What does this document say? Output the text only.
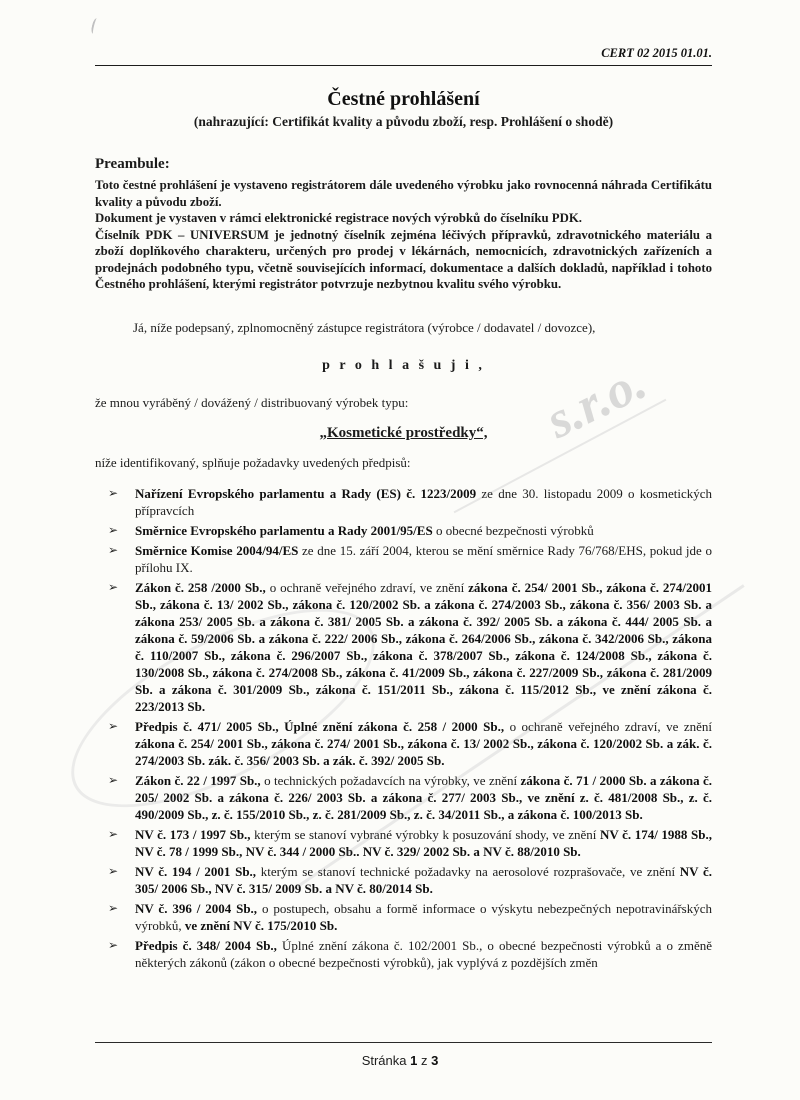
CERT 02 2015 01.01.
Čestné prohlášení
(nahrazující: Certifikát kvality a původu zboží, resp. Prohlášení o shodě)
Preambule:

Toto čestné prohlášení je vystaveno registrátorem dále uvedeného výrobku jako rovnocenná náhrada Certifikátu kvality a původu zboží.

Dokument je vystaven v rámci elektronické registrace nových výrobků do číselníku PDK.

Číselník PDK – UNIVERSUM je jednotný číselník zejména léčivých přípravků, zdravotnického materiálu a zboží doplňkového charakteru, určených pro prodej v lékárnách, nemocnicích, zdravotnických zařízeních a prodejnách podobného typu, včetně souvisejících informací, dokumentace a dalších dokladů, například i tohoto Čestného prohlášení, kterými registrátor potvrzuje nezbytnou kvalitu svého výrobku.

Já, níže podepsaný, zplnomocněný zástupce registrátora (výrobce / dodavatel / dovozce),

p r o h l a š u j i ,

že mnou vyráběný / dovážený / distribuovaný výrobek typu:

„Kosmetické prostředky“,

níže identifikovaný, splňuje požadavky uvedených předpisů:

➢ Nařízení Evropského parlamentu a Rady (ES) č. 1223/2009 ze dne 30. listopadu 2009 o kosmetických přípravcích
➢ Směrnice Evropského parlamentu a Rady 2001/95/ES o obecné bezpečnosti výrobků
➢ Směrnice Komise 2004/94/ES ze dne 15. září 2004, kterou se mění směrnice Rady 76/768/EHS, pokud jde o přílohu IX.
➢ Zákon č. 258 /2000 Sb., o ochraně veřejného zdraví, ve znění zákona č. 254/ 2001 Sb., zákona č. 274/2001 Sb., zákona č. 13/ 2002 Sb., zákona č. 120/2002 Sb. a zákona č. 274/2003 Sb., zákona č. 356/ 2003 Sb. a zákona 253/ 2005 Sb. a zákona č. 381/ 2005 Sb. a zákona č. 392/ 2005 Sb. a zákona č. 444/ 2005 Sb. a zákona č. 59/2006 Sb. a zákona č. 222/ 2006 Sb., zákona č. 264/2006 Sb., zákona č. 342/2006 Sb., zákona č. 110/2007 Sb., zákona č. 296/2007 Sb., zákona č. 378/2007 Sb., zákona č. 124/2008 Sb., zákona č. 130/2008 Sb., zákona č. 274/2008 Sb., zákona č. 41/2009 Sb., zákona č. 227/2009 Sb., zákona č. 281/2009 Sb. a zákona č. 301/2009 Sb., zákona č. 151/2011 Sb., zákona č. 115/2012 Sb., ve znění zákona č. 223/2013 Sb.
➢ Předpis č. 471/ 2005 Sb., Úplné znění zákona č. 258 / 2000 Sb., o ochraně veřejného zdraví, ve znění zákona č. 254/ 2001 Sb., zákona č. 274/ 2001 Sb., zákona č. 13/ 2002 Sb., zákona č. 120/2002 Sb. a zák. č. 274/2003 Sb. zák. č. 356/ 2003 Sb. a zák. č. 392/ 2005 Sb.
➢ Zákon č. 22 / 1997 Sb., o technických požadavcích na výrobky, ve znění zákona č. 71 / 2000 Sb. a zákona č. 205/ 2002 Sb. a zákona č. 226/ 2003 Sb. a zákona č. 277/ 2003 Sb., ve znění z. č. 481/2008 Sb., z. č. 490/2009 Sb., z. č. 155/2010 Sb., z. č. 281/2009 Sb., z. č. 34/2011 Sb., a zákona č. 100/2013 Sb.
➢ NV č. 173 / 1997 Sb., kterým se stanoví vybrané výrobky k posuzování shody, ve znění NV č. 174/ 1988 Sb., NV č. 78 / 1999 Sb., NV č. 344 / 2000 Sb.. NV č. 329/ 2002 Sb. a NV č. 88/2010 Sb.
➢ NV č. 194 / 2001 Sb., kterým se stanoví technické požadavky na aerosolové rozprašovače, ve znění NV č. 305/ 2006 Sb., NV č. 315/ 2009 Sb. a NV č. 80/2014 Sb.
➢ NV č. 396 / 2004 Sb., o postupech, obsahu a formě informace o výskytu nebezpečných nepotravinářských výrobků, ve znění NV č. 175/2010 Sb.
➢ Předpis č. 348/ 2004 Sb., Úplné znění zákona č. 102/2001 Sb., o obecné bezpečnosti výrobků a o změně některých zákonů (zákon o obecné bezpečnosti výrobků), jak vyplývá z pozdějších změn
Stránka 1 z 3
s.r.o.
